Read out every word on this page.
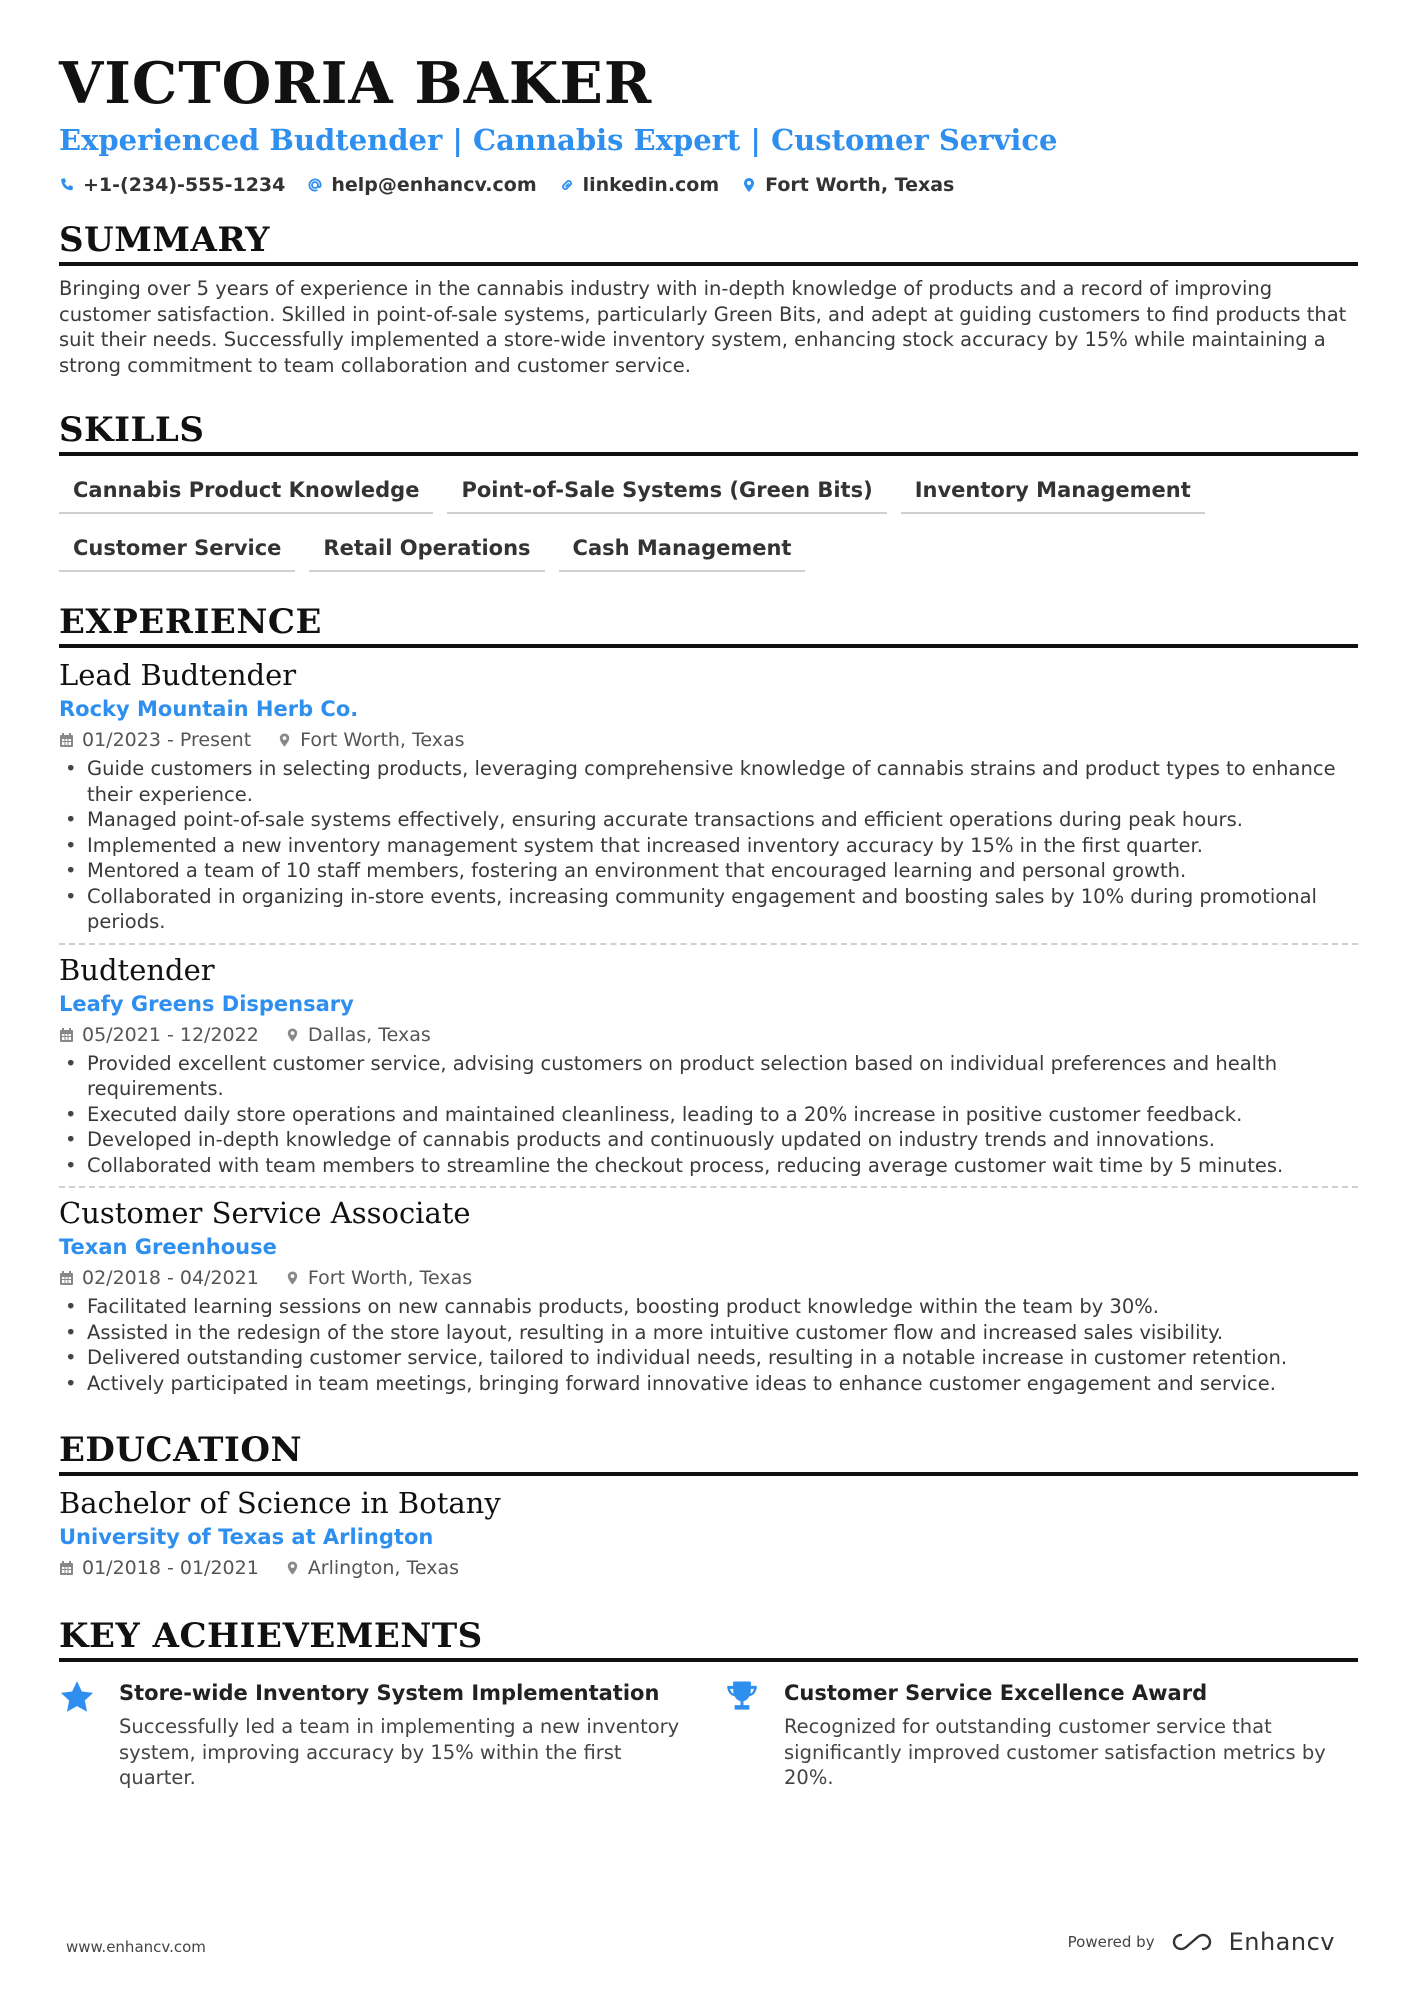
VICTORIA BAKER
Experienced Budtender | Cannabis Expert | Customer Service
+1-(234)-555-1234 help@enhancv.com linkedin.com Fort Worth, Texas
SUMMARY

Bringing over 5 years of experience in the cannabis industry with in-depth knowledge of products and a record of improving customer satisfaction. Skilled in point-of-sale systems, particularly Green Bits, and adept at guiding customers to find products that suit their needs. Successfully implemented a store-wide inventory system, enhancing stock accuracy by 15% while maintaining a strong commitment to team collaboration and customer service.

SKILLS
Cannabis Product Knowledge	Point-of-Sale Systems (Green Bits)	Inventory Management
Customer Service	Retail Operations	Cash Management
EXPERIENCE
Lead Budtender
Rocky Mountain Herb Co.
01/2023 - Present	Fort Worth, Texas
• Guide customers in selecting products, leveraging comprehensive knowledge of cannabis strains and product types to enhance their experience.
• Managed point-of-sale systems effectively, ensuring accurate transactions and efficient operations during peak hours.
• Implemented a new inventory management system that increased inventory accuracy by 15% in the first quarter.
• Mentored a team of 10 staff members, fostering an environment that encouraged learning and personal growth.
• Collaborated in organizing in-store events, increasing community engagement and boosting sales by 10% during promotional periods.
Budtender
Leafy Greens Dispensary
05/2021 - 12/2022	Dallas, Texas
• Provided excellent customer service, advising customers on product selection based on individual preferences and health requirements.
• Executed daily store operations and maintained cleanliness, leading to a 20% increase in positive customer feedback.
• Developed in-depth knowledge of cannabis products and continuously updated on industry trends and innovations.
• Collaborated with team members to streamline the checkout process, reducing average customer wait time by 5 minutes.
Customer Service Associate
Texan Greenhouse
02/2018 - 04/2021	Fort Worth, Texas
• Facilitated learning sessions on new cannabis products, boosting product knowledge within the team by 30%.
• Assisted in the redesign of the store layout, resulting in a more intuitive customer flow and increased sales visibility.
• Delivered outstanding customer service, tailored to individual needs, resulting in a notable increase in customer retention.
• Actively participated in team meetings, bringing forward innovative ideas to enhance customer engagement and service.
EDUCATION
Bachelor of Science in Botany
University of Texas at Arlington
01/2018 - 01/2021	Arlington, Texas
KEY ACHIEVEMENTS
Store-wide Inventory System Implementation
Successfully led a team in implementing a new inventory system, improving accuracy by 15% within the first quarter.
Customer Service Excellence Award
Recognized for outstanding customer service that significantly improved customer satisfaction metrics by 20%.
www.enhancv.com	Powered by	Enhancv
